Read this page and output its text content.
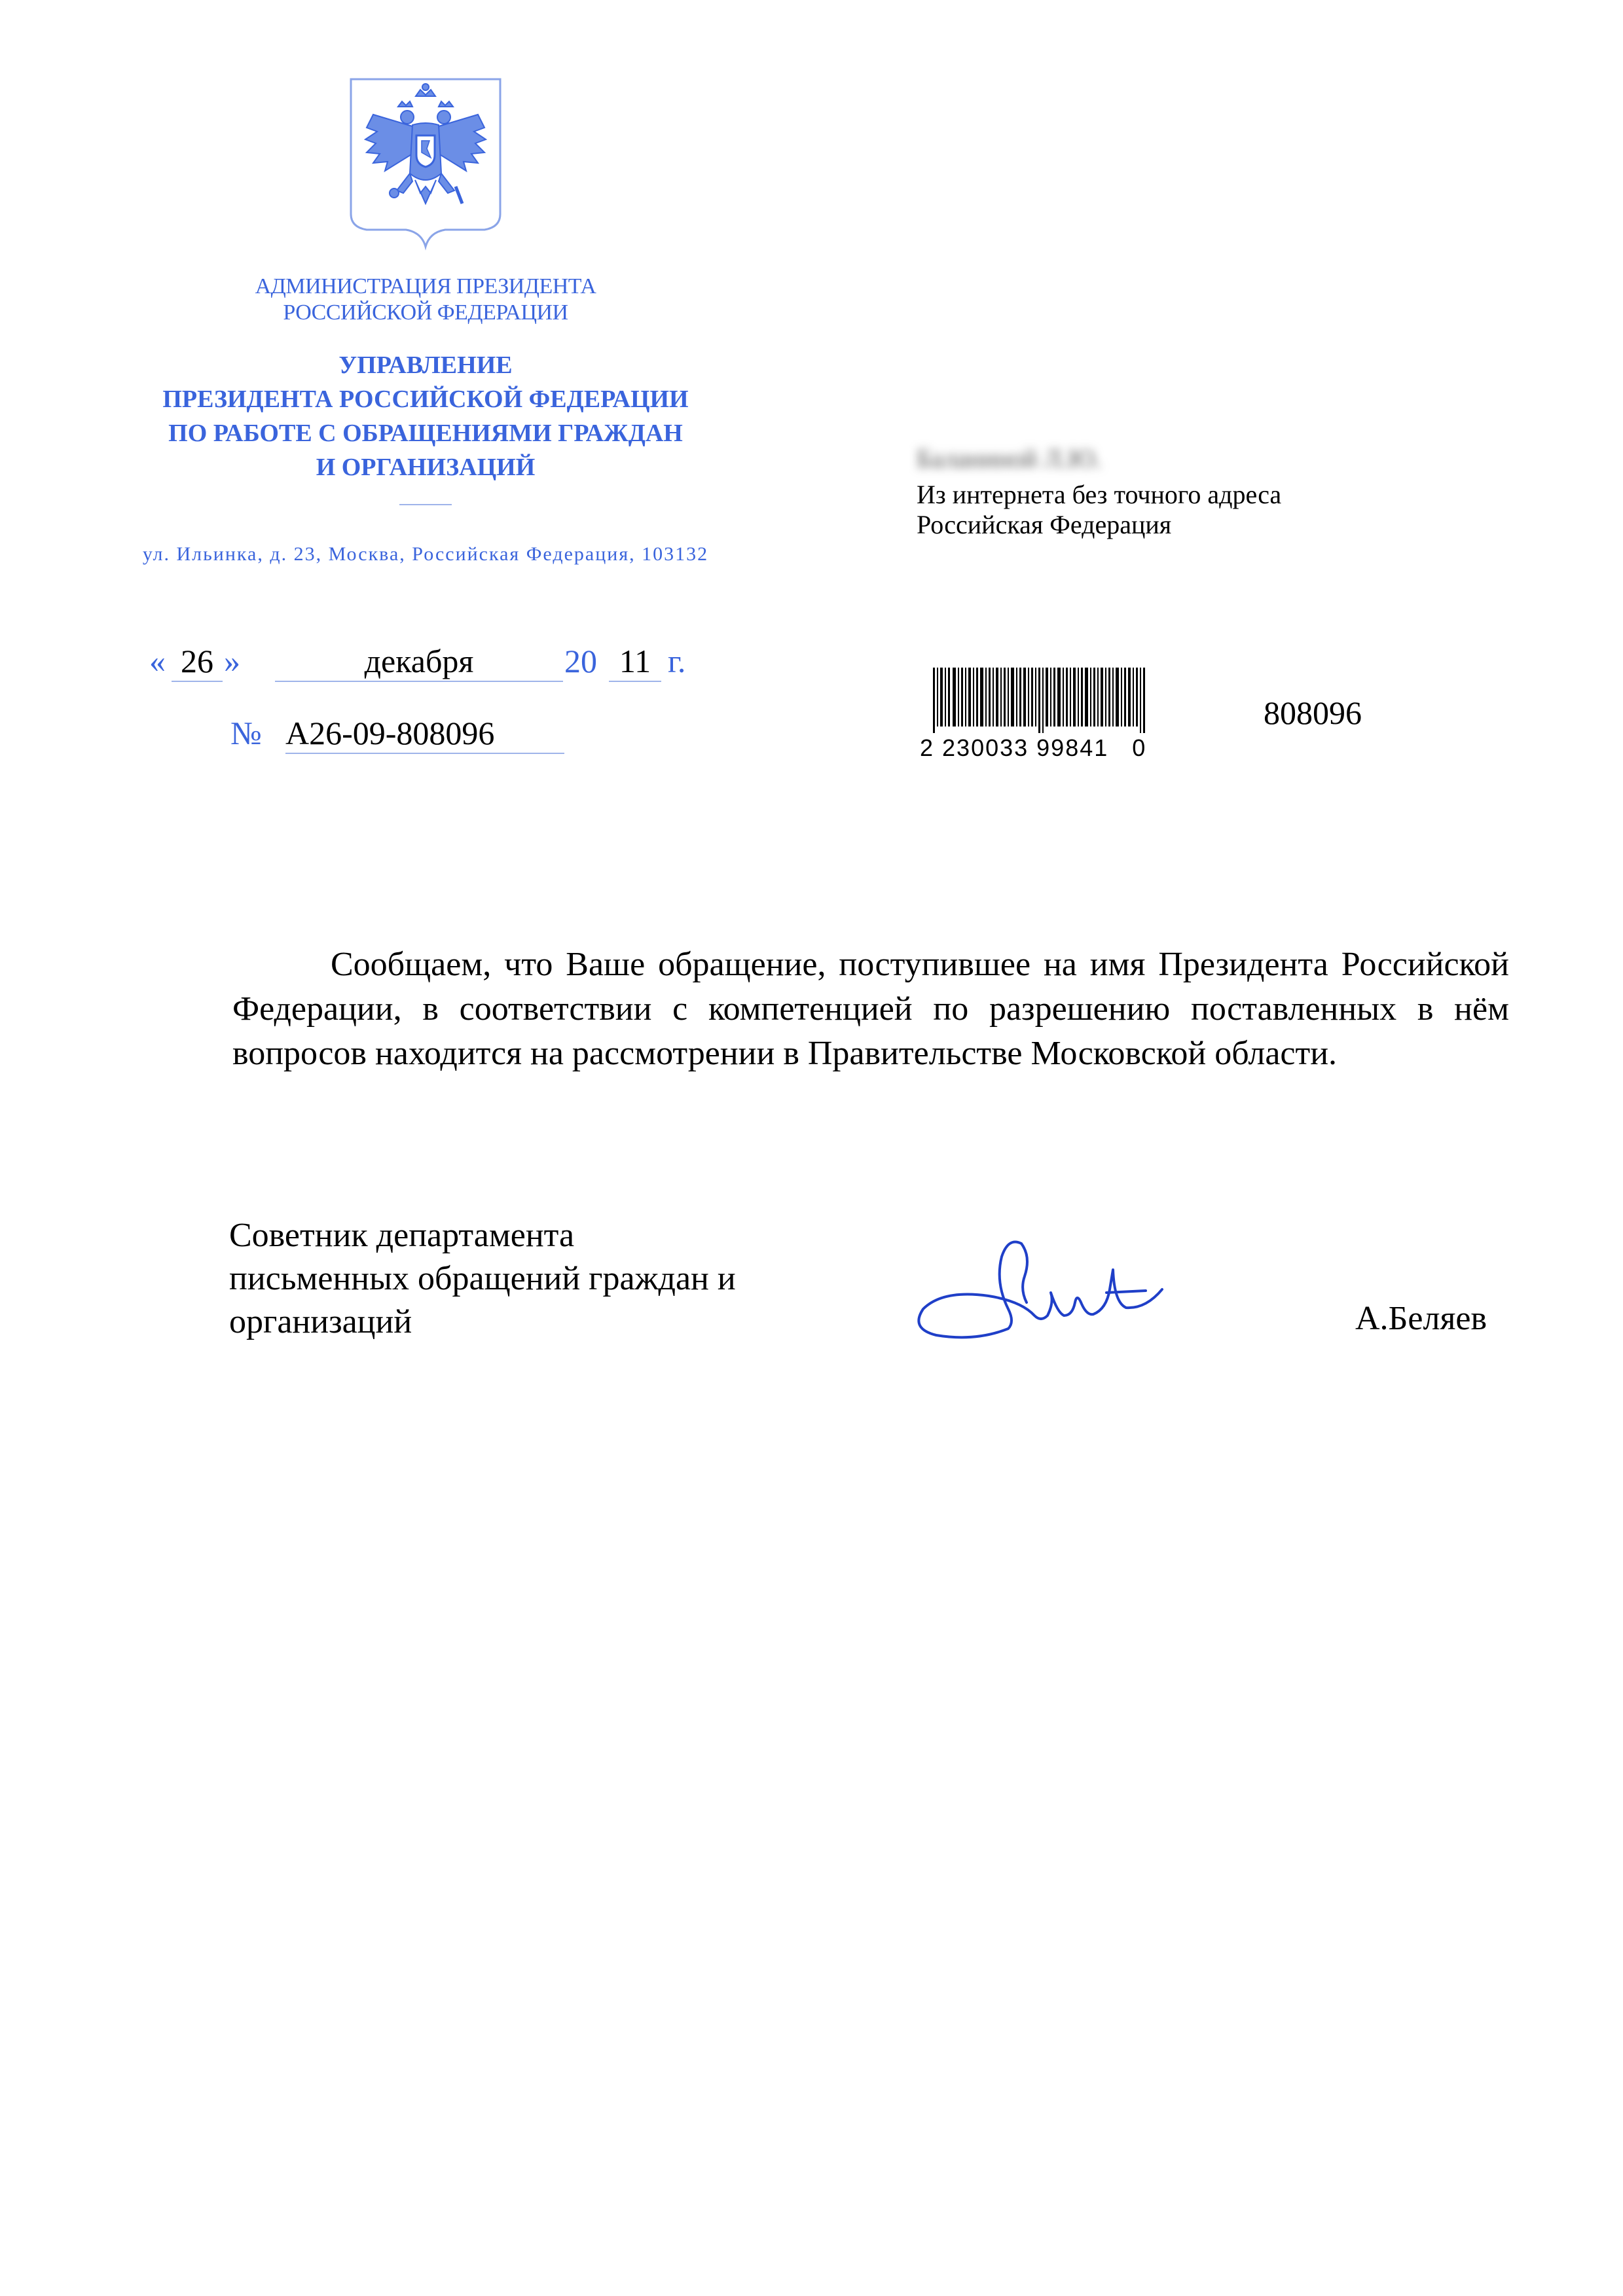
АДМИНИСТРАЦИЯ ПРЕЗИДЕНТА
РОССИЙСКОЙ ФЕДЕРАЦИИ
УПРАВЛЕНИЕ
ПРЕЗИДЕНТА РОССИЙСКОЙ ФЕДЕРАЦИИ
ПО РАБОТЕ С ОБРАЩЕНИЯМИ ГРАЖДАН
И ОРГАНИЗАЦИЙ
ул. Ильинка, д. 23, Москва, Российская Федерация, 103132
Баланиной Л.Ю.
Из интернета без точного адреса
Российская Федерация
« 26 »	декабря	20 11 г.
№ А26-09-808096	2 230033 99841   0
808096
Сообщаем, что Ваше обращение, поступившее на имя Президента Российской Федерации, в соответствии с компетенцией по разрешению поставленных в нём вопросов находится на рассмотрении в Правительстве Московской области.
Советник департамента
письменных обращений граждан и
организаций	А.Беляев
